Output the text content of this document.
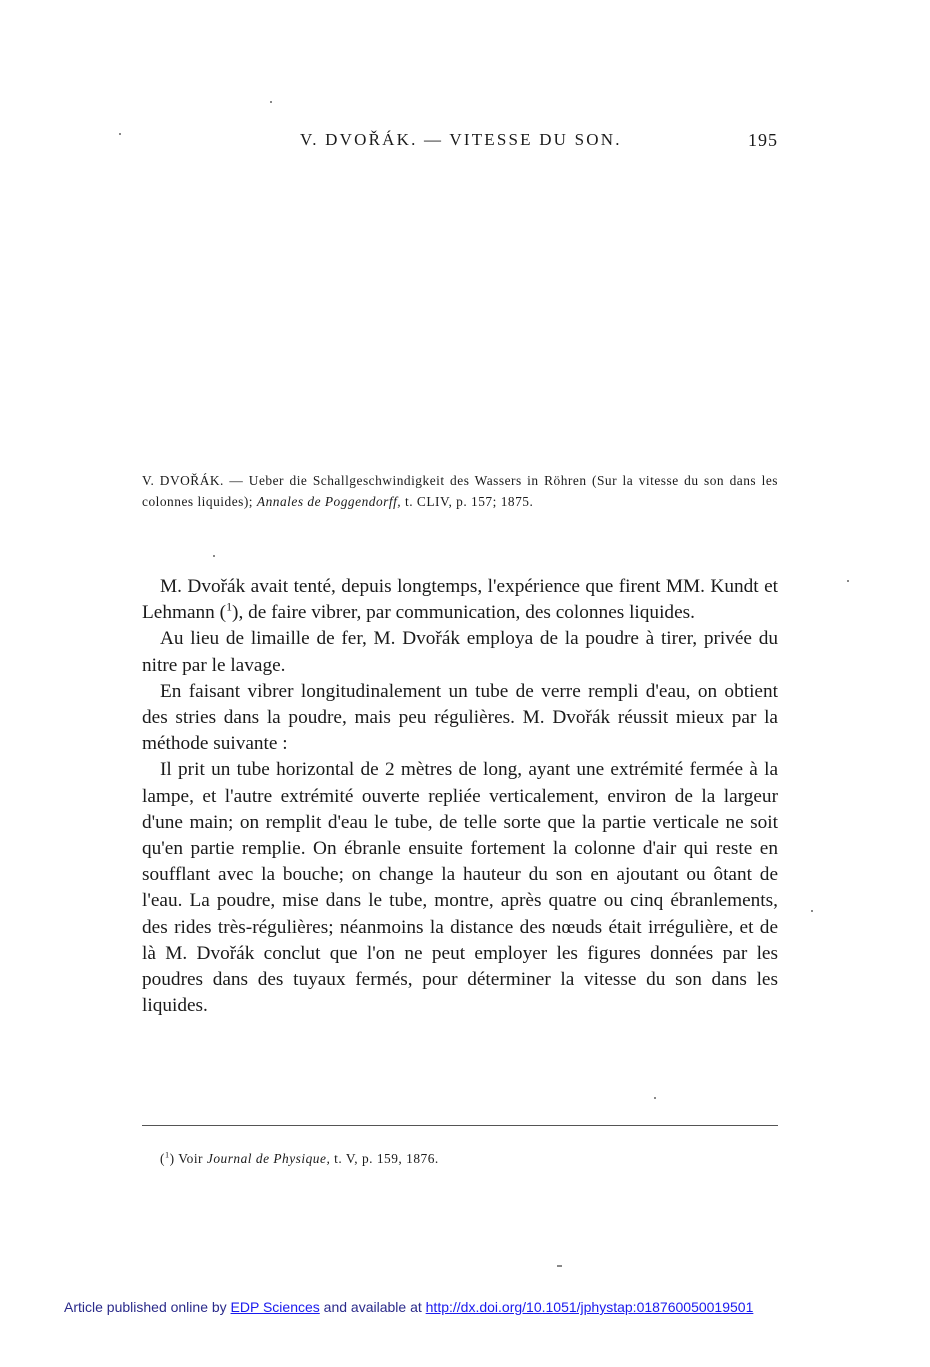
V. DVOŘÁK. — VITESSE DU SON.	195
V. DVOŘÁK. — Ueber die Schallgeschwindigkeit des Wassers in Röhren (Sur la vitesse du son dans les colonnes liquides); Annales de Poggendorff, t. CLIV, p. 157; 1875.

M. Dvořák avait tenté, depuis longtemps, l'expérience que firent MM. Kundt et Lehmann ($^1$), de faire vibrer, par communication, des colonnes liquides.

Au lieu de limaille de fer, M. Dvořák employa de la poudre à tirer, privée du nitre par le lavage.

En faisant vibrer longitudinalement un tube de verre rempli d'eau, on obtient des stries dans la poudre, mais peu régulières. M. Dvořák réussit mieux par la méthode suivante :

Il prit un tube horizontal de 2 mètres de long, ayant une extrémité fermée à la lampe, et l'autre extrémité ouverte repliée verticalement, environ de la largeur d'une main; on remplit d'eau le tube, de telle sorte que la partie verticale ne soit qu'en partie remplie. On ébranle ensuite fortement la colonne d'air qui reste en soufflant avec la bouche; on change la hauteur du son en ajoutant ou ôtant de l'eau. La poudre, mise dans le tube, montre, après quatre ou cinq ébranlements, des rides très-régulières; néanmoins la distance des nœuds était irrégulière, et de là M. Dvořák conclut que l'on ne peut employer les figures données par les poudres dans des tuyaux fermés, pour déterminer la vitesse du son dans les liquides.

($^1$) Voir Journal de Physique, t. V, p. 159, 1876.
Article published online by EDP Sciences and available at http://dx.doi.org/10.1051/jphystap:018760050019501
